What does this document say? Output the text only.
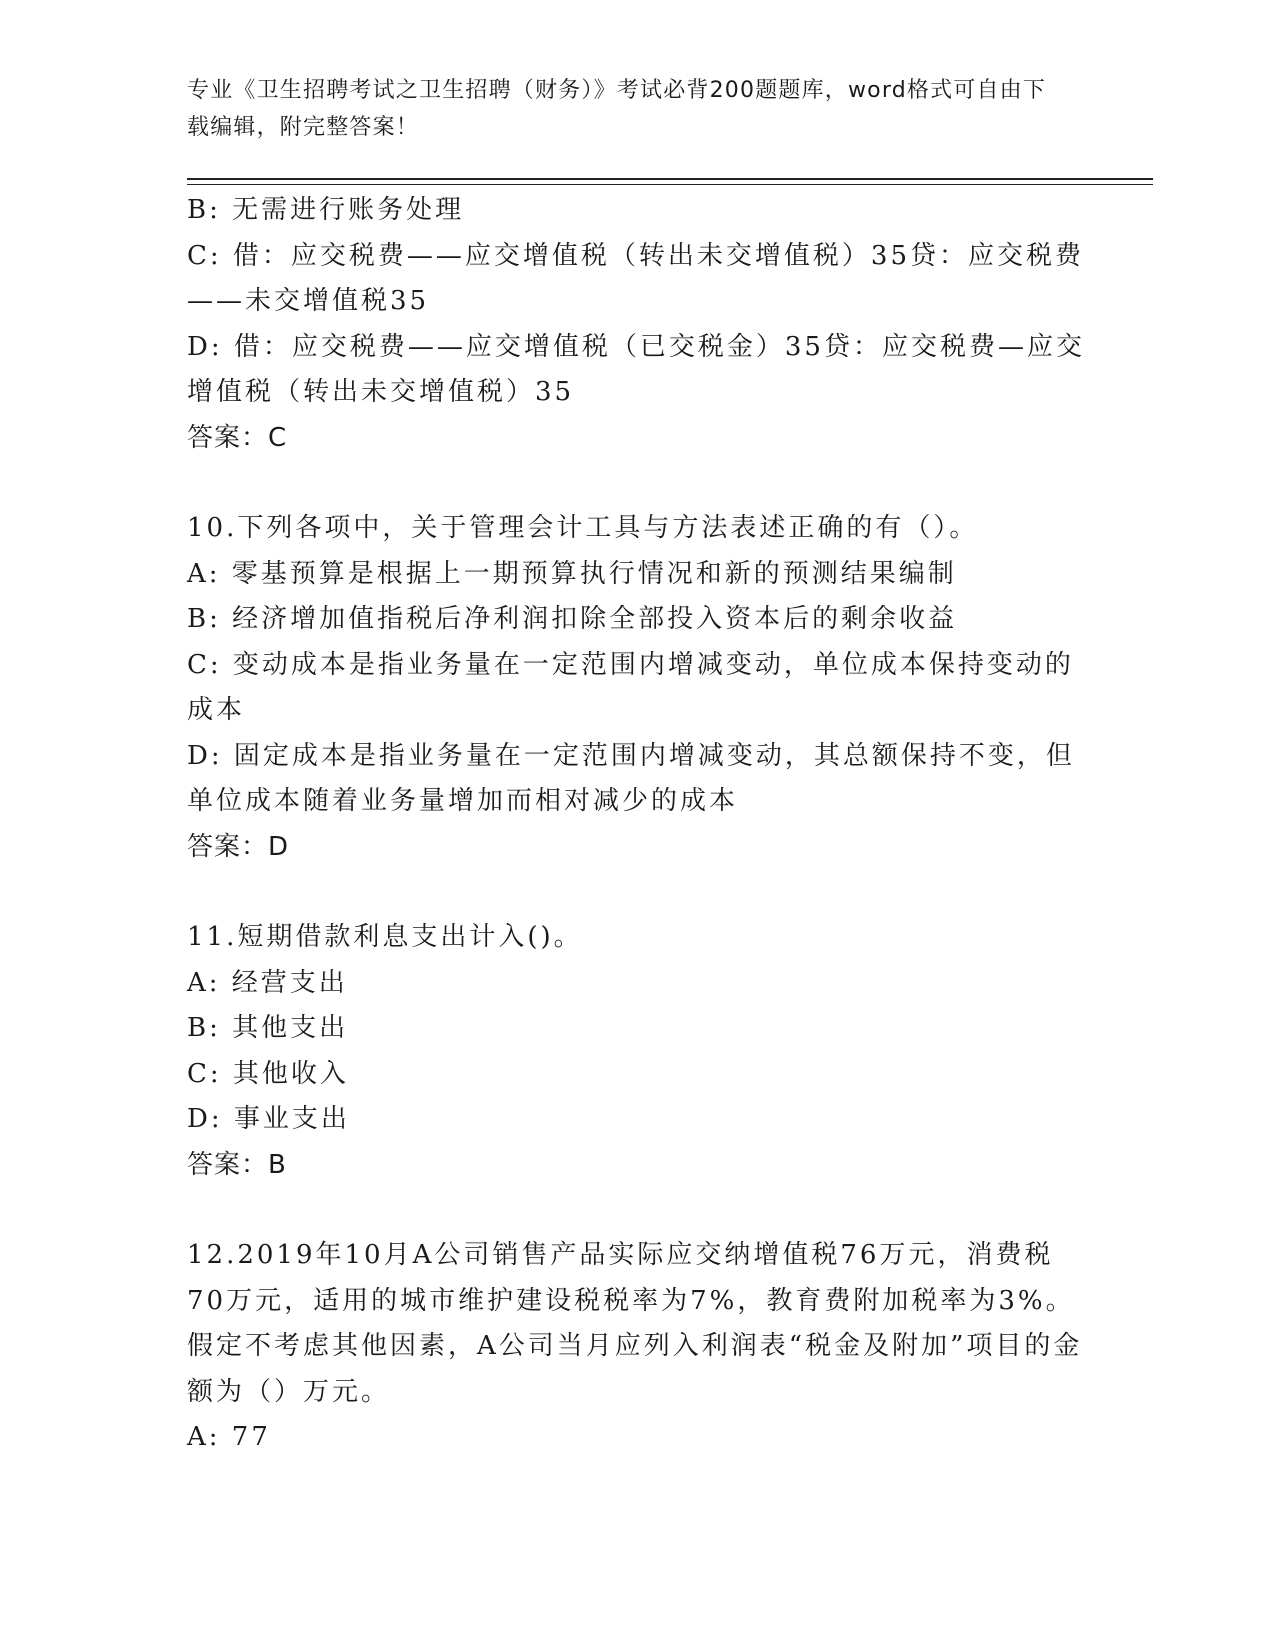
专业《卫生招聘考试之卫生招聘（财务）》考试必背200题题库，word格式可自由下载编辑，附完整答案！

B: 无需进行账务处理

C: 借：应交税费——应交增值税（转出未交增值税）35贷：应交税费——未交增值税35

D: 借：应交税费——应交增值税（已交税金）35贷：应交税费—应交增值税（转出未交增值税）35

答案：C

10.下列各项中，关于管理会计工具与方法表述正确的有（）。

A: 零基预算是根据上一期预算执行情况和新的预测结果编制

B: 经济增加值指税后净利润扣除全部投入资本后的剩余收益

C: 变动成本是指业务量在一定范围内增减变动，单位成本保持变动的成本

D: 固定成本是指业务量在一定范围内增减变动，其总额保持不变，但单位成本随着业务量增加而相对减少的成本

答案：D

11.短期借款利息支出计入()。

A: 经营支出

B: 其他支出

C: 其他收入

D: 事业支出

答案：B

12.2019年10月A公司销售产品实际应交纳增值税76万元，消费税70万元，适用的城市维护建设税税率为7%，教育费附加税率为3%。假定不考虑其他因素，A公司当月应列入利润表“税金及附加”项目的金额为（）万元。

A: 77
